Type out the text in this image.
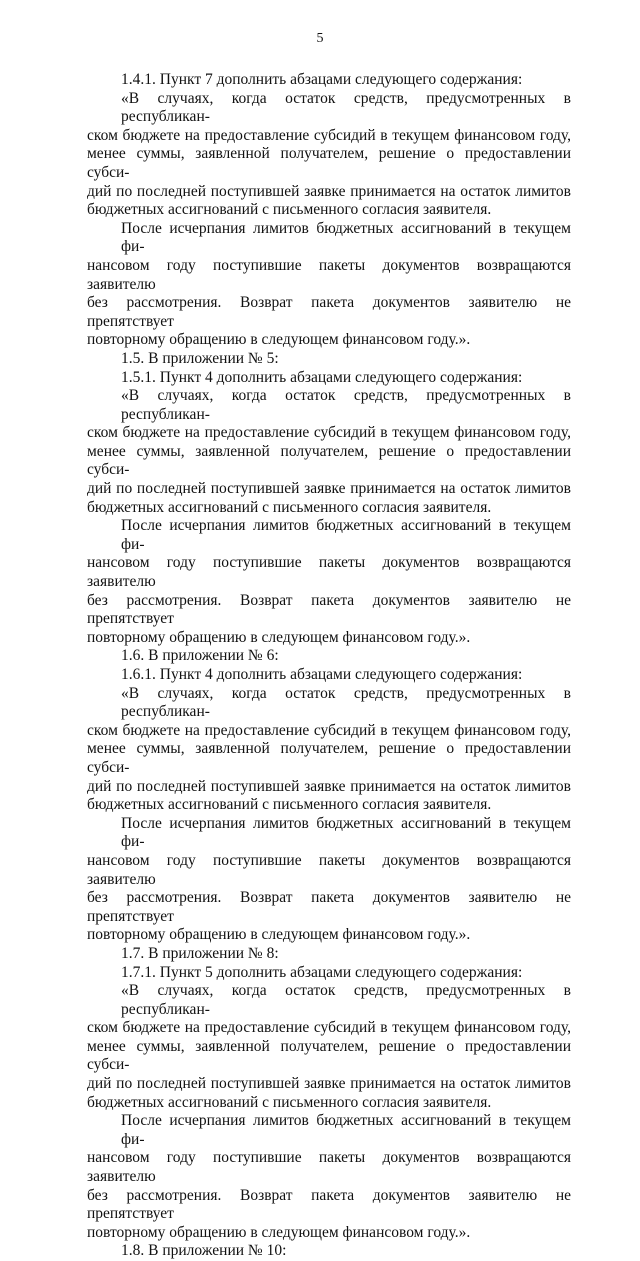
5
1.4.1. Пункт 7 дополнить абзацами следующего содержания:
«В случаях, когда остаток средств, предусмотренных в республикан-
ском бюджете на предоставление субсидий в текущем финансовом году,
менее суммы, заявленной получателем, решение о предоставлении субси-
дий по последней поступившей заявке принимается на остаток лимитов
бюджетных ассигнований с письменного согласия заявителя.
После исчерпания лимитов бюджетных ассигнований в текущем фи-
нансовом году поступившие пакеты документов возвращаются заявителю
без рассмотрения. Возврат пакета документов заявителю не препятствует
повторному обращению в следующем финансовом году.».
1.5. В приложении № 5:
1.5.1. Пункт 4 дополнить абзацами следующего содержания:
«В случаях, когда остаток средств, предусмотренных в республикан-
ском бюджете на предоставление субсидий в текущем финансовом году,
менее суммы, заявленной получателем, решение о предоставлении субси-
дий по последней поступившей заявке принимается на остаток лимитов
бюджетных ассигнований с письменного согласия заявителя.
После исчерпания лимитов бюджетных ассигнований в текущем фи-
нансовом году поступившие пакеты документов возвращаются заявителю
без рассмотрения. Возврат пакета документов заявителю не препятствует
повторному обращению в следующем финансовом году.».
1.6. В приложении № 6:
1.6.1. Пункт 4 дополнить абзацами следующего содержания:
«В случаях, когда остаток средств, предусмотренных в республикан-
ском бюджете на предоставление субсидий в текущем финансовом году,
менее суммы, заявленной получателем, решение о предоставлении субси-
дий по последней поступившей заявке принимается на остаток лимитов
бюджетных ассигнований с письменного согласия заявителя.
После исчерпания лимитов бюджетных ассигнований в текущем фи-
нансовом году поступившие пакеты документов возвращаются заявителю
без рассмотрения. Возврат пакета документов заявителю не препятствует
повторному обращению в следующем финансовом году.».
1.7. В приложении № 8:
1.7.1. Пункт 5 дополнить абзацами следующего содержания:
«В случаях, когда остаток средств, предусмотренных в республикан-
ском бюджете на предоставление субсидий в текущем финансовом году,
менее суммы, заявленной получателем, решение о предоставлении субси-
дий по последней поступившей заявке принимается на остаток лимитов
бюджетных ассигнований с письменного согласия заявителя.
После исчерпания лимитов бюджетных ассигнований в текущем фи-
нансовом году поступившие пакеты документов возвращаются заявителю
без рассмотрения. Возврат пакета документов заявителю не препятствует
повторному обращению в следующем финансовом году.».
1.8. В приложении № 10:
